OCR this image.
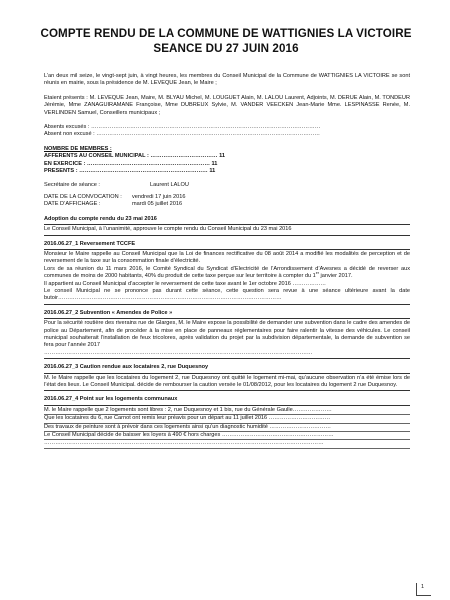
COMPTE RENDU DE LA COMMUNE DE WATTIGNIES LA VICTOIRE
SEANCE DU 27 JUIN 2016

L’an deux mil seize, le vingt-sept juin, à vingt heures, les membres du Conseil Municipal de la Commune de WATTIGNIES LA VICTOIRE se sont réunis en mairie, sous la présidence de M. LEVEQUE Jean, le Maire ;

Etaient présents : M. LEVEQUE Jean, Maire, M. BLYAU Michel, M. LOUGUET Alain, M. LALOU Laurent, Adjoints, M. DERUE Alain, M. TONDEUR Jérémie, Mme ZANAGUIRAMANE Françoise, Mme DUBREUX Sylvie, M. VANDER VEECKEN Jean-Marie Mme. LESPINASSE Renée, M. VERLINDEN Samuel, Conseillers municipaux ;

Absents excusés : ……………………………………………………………………………………………………………

Absent non excusé : …………………………………………………………………………………………………………

NOMBRE DE MEMBRES :

AFFERENTS AU CONSEIL MUNICIPAL : ……………………………… 11

EN EXERCICE : ………………………………………………………… 11

PRESENTS : …………………………………………………………… 11

Secrétaire de séance :	Laurent LALOU
DATE DE LA CONVOCATION :	vendredi 17 juin 2016
DATE D’AFFICHAGE :	mardi 05 juillet 2016

Adoption du compte rendu du 23 mai 2016

Le Conseil Municipal, à l’unanimité, approuve le compte rendu du Conseil Municipal du 23 mai 2016

2016.06.27_1 Reversement TCCFE

Monsieur le Maire rappelle au Conseil Municipal que la Loi de finances rectificative du 08 août 2014 a modifié les modalités de perception et de reversement de la taxe sur la consommation finale d’électricité.

Lors de sa réunion du 11 mars 2016, le Comité Syndical du Syndicat d’Electricité de l’Arrondissement d’Avesnes a décidé de reverser aux communes de moins de 2000 habitants, 40% du produit de cette taxe perçue sur leur territoire à compter du 1er janvier 2017.

Il appartient au Conseil Municipal d’accepter le reversement de cette taxe avant le 1er octobre 2016 ………………

Le conseil Municipal ne se prononce pas durant cette séance, cette question sera revue à une séance ultérieure avant la date butoir…………………………………………………………………………………………………………

2016.06.27_2 Subvention « Amendes de Police »

Pour la sécurité routière des riverains rue de Glarges, M. le Maire expose la possibilité de demander une subvention dans le cadre des amendes de police au Département, afin de procéder à la mise en place de panneaux réglementaires pour faire ralentir la vitesse des véhicules. Le conseil municipal souhaiterait l’installation de feux tricolores, après validation du projet par la subdivision départementale, la demande de subvention se fera pour l’année 2017

………………………………………………………………………………………………………………………………

2016.06.27_3 Caution rendue aux locataires 2, rue Duquesnoy

M. le Maire rappelle que les locataires du logement 2, rue Duquesnoy ont quitté le logement mi-mai, qu’aucune observation n’a été émise lors de l’état des lieux. Le Conseil Municipal. décide de rembourser la caution versée le 01/08/2012, pour les locataires du logement 2 rue Duquesnoy.

2016.06.27_4 Point sur les logements communaux

M. le Maire rappelle que 2 logements sont libres : 2, rue Duquesnoy et 1 bis, rue du Générale Gaulle…………………

Que les locataires du 6, rue Carnot ont remis leur préavis pour un départ au 11 juillet 2016 ……………………………

Des travaux de peinture sont à prévoir dans ces logements ainsi qu’un diagnostic humidité ……………………………

Le Conseil Municipal décide de baisser les loyers à 490 € hors charges ……………………………………………………

……………………………………………………………………………………………………………………………………

1
